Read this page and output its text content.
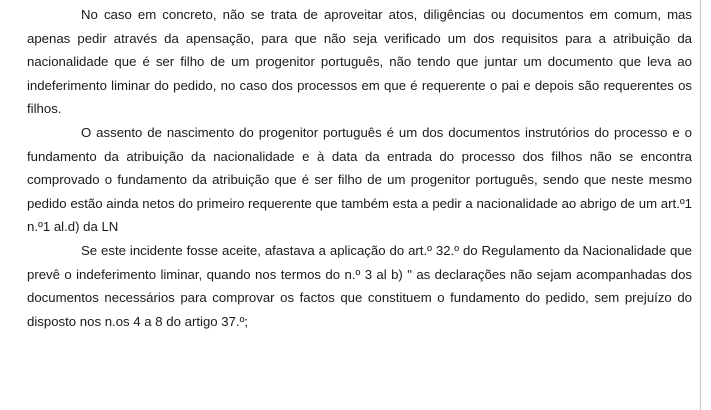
No caso em concreto, não se trata de aproveitar atos, diligências ou documentos em comum, mas apenas pedir através da apensação, para que não seja verificado um dos requisitos para a atribuição da nacionalidade que é ser filho de um progenitor português, não tendo que juntar um documento que leva ao indeferimento liminar do pedido, no caso dos processos em que é requerente o pai e depois são requerentes os filhos.

O assento de nascimento do progenitor português é um dos documentos instrutórios do processo e o fundamento da atribuição da nacionalidade e à data da entrada do processo dos filhos não se encontra comprovado o fundamento da atribuição que é ser filho de um progenitor português, sendo que neste mesmo pedido estão ainda netos do primeiro requerente que também esta a pedir a nacionalidade ao abrigo de um art.º1 n.º1 al.d) da LN

Se este incidente fosse aceite, afastava a aplicação do art.º 32.º do Regulamento da Nacionalidade que prevê o indeferimento liminar, quando nos termos do n.º 3 al b) " as declarações não sejam acompanhadas dos documentos necessários para comprovar os factos que constituem o fundamento do pedido, sem prejuízo do disposto nos n.os 4 a 8 do artigo 37.º;
